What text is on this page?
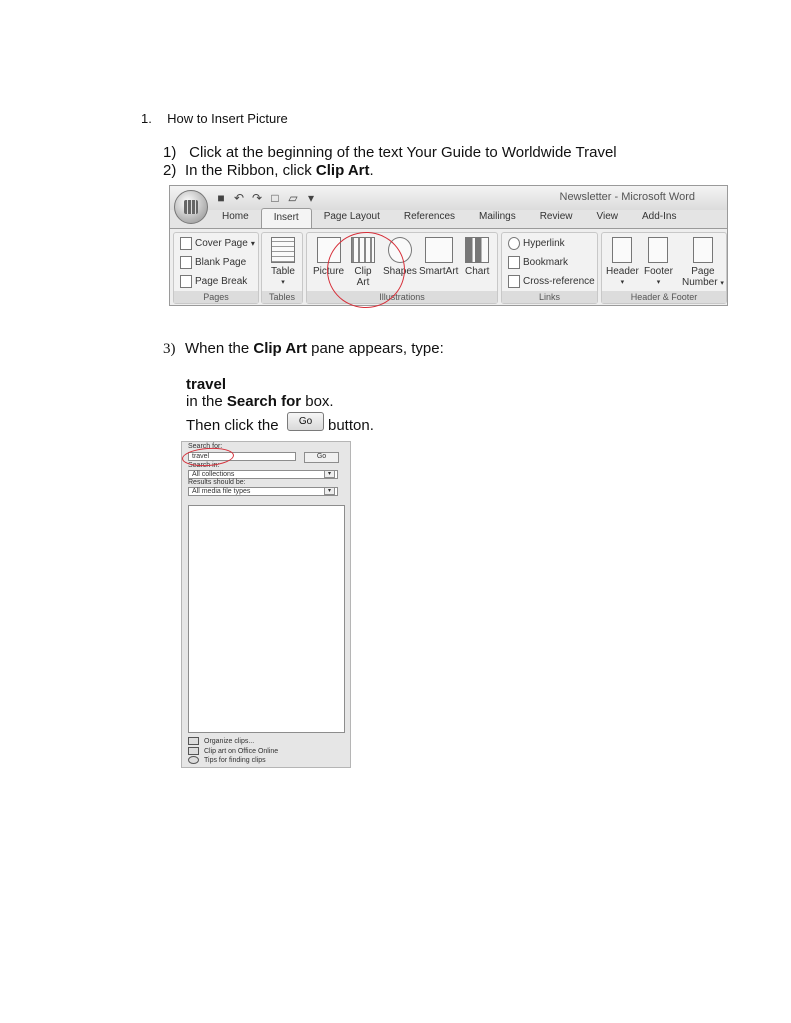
1. How to Insert Picture
1) Click at the beginning of the text Your Guide to Worldwide Travel
2) In the Ribbon, click Clip Art.
■ ↶ ↷ □ ▱ ▾	Newsletter - Microsoft Word
Home	Insert	Page Layout	References	Mailings	Review	View	Add-Ins
Cover Page ▾
Blank Page
Page Break
Pages
Table
▾
Tables
Picture	Clip
Art
Shapes SmartArt Chart
Illustrations
Hyperlink
Bookmark
Cross-reference
Links
Header
▾
Footer
▾
Page
Number ▾
Header & Footer
3) When the Clip Art pane appears, type:
travel
in the Search for box.
Then click the	Go	button.
Search for:
travel	Go
Search in:
All collections	▾
Results should be:
All media file types	▾
Organize clips...
Clip art on Office Online
Tips for finding clips
